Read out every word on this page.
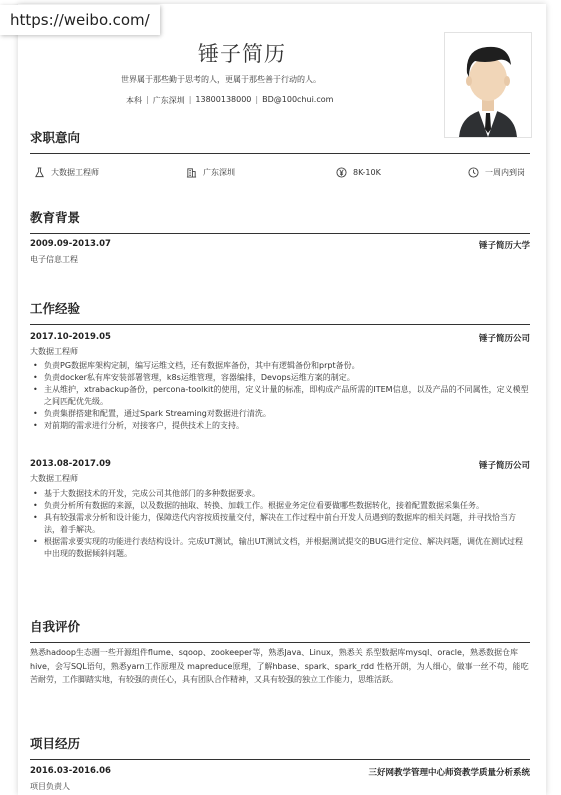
锤子简历
世界属于那些勤于思考的人，更属于那些善于行动的人。
本科 | 广东深圳 | 13800138000 | BD@100chui.com
求职意向
大数据工程师	广东深圳	8K-10K	一周内到岗
教育背景
2009.09-2013.07	锤子简历大学
电子信息工程
工作经验
2017.10-2019.05	锤子简历公司
大数据工程师
• 负责PG数据库架构定制，编写运维文档，还有数据库备份，其中有逻辑备份和prpt备份。
• 负责docker私有库安装部署管理，k8s运维管理，容器编排，Devops运维方案的制定。
• 主从维护，xtrabackup备份，percona-toolkit的使用，定义计量的标准，即构成产品所需的ITEM信息，以及产品的不同属性，定义模型之间匹配优先级。
• 负责集群搭建和配置，通过Spark Streaming对数据进行清洗。
• 对前期的需求进行分析，对接客户，提供技术上的支持。
2013.08-2017.09	锤子简历公司
大数据工程师
• 基于大数据技术的开发，完成公司其他部门的多种数据要求。
• 负责分析所有数据的来源，以及数据的抽取、转换、加载工作。根据业务定位看要做哪些数据转化，接着配置数据采集任务。
• 具有较强需求分析和设计能力，保障迭代内容按质按量交付，解决在工作过程中前台开发人员遇到的数据库的相关问题，并寻找恰当方法，着手解决。
• 根据需求要实现的功能进行表结构设计。完成UT测试，输出UT测试文档，并根据测试提交的BUG进行定位、解决问题，调优在测试过程中出现的数据倾斜问题。
自我评价
熟悉hadoop生态圈一些开源组件flume、sqoop、zookeeper等，熟悉Java、Linux，熟悉关 系型数据库mysql、oracle，熟悉数据仓库hive，会写SQL语句，熟悉yarn工作原理及 mapreduce原理，了解hbase、spark、spark_rdd 性格开朗，为人细心，做事一丝不苟，能吃苦耐劳，工作脚踏实地，有较强的责任心，具有团队合作精神，又具有较强的独立工作能力，思维活跃。
项目经历
2016.03-2016.06	三好网教学管理中心师资教学质量分析系统
项目负责人
https://weibo.com/
